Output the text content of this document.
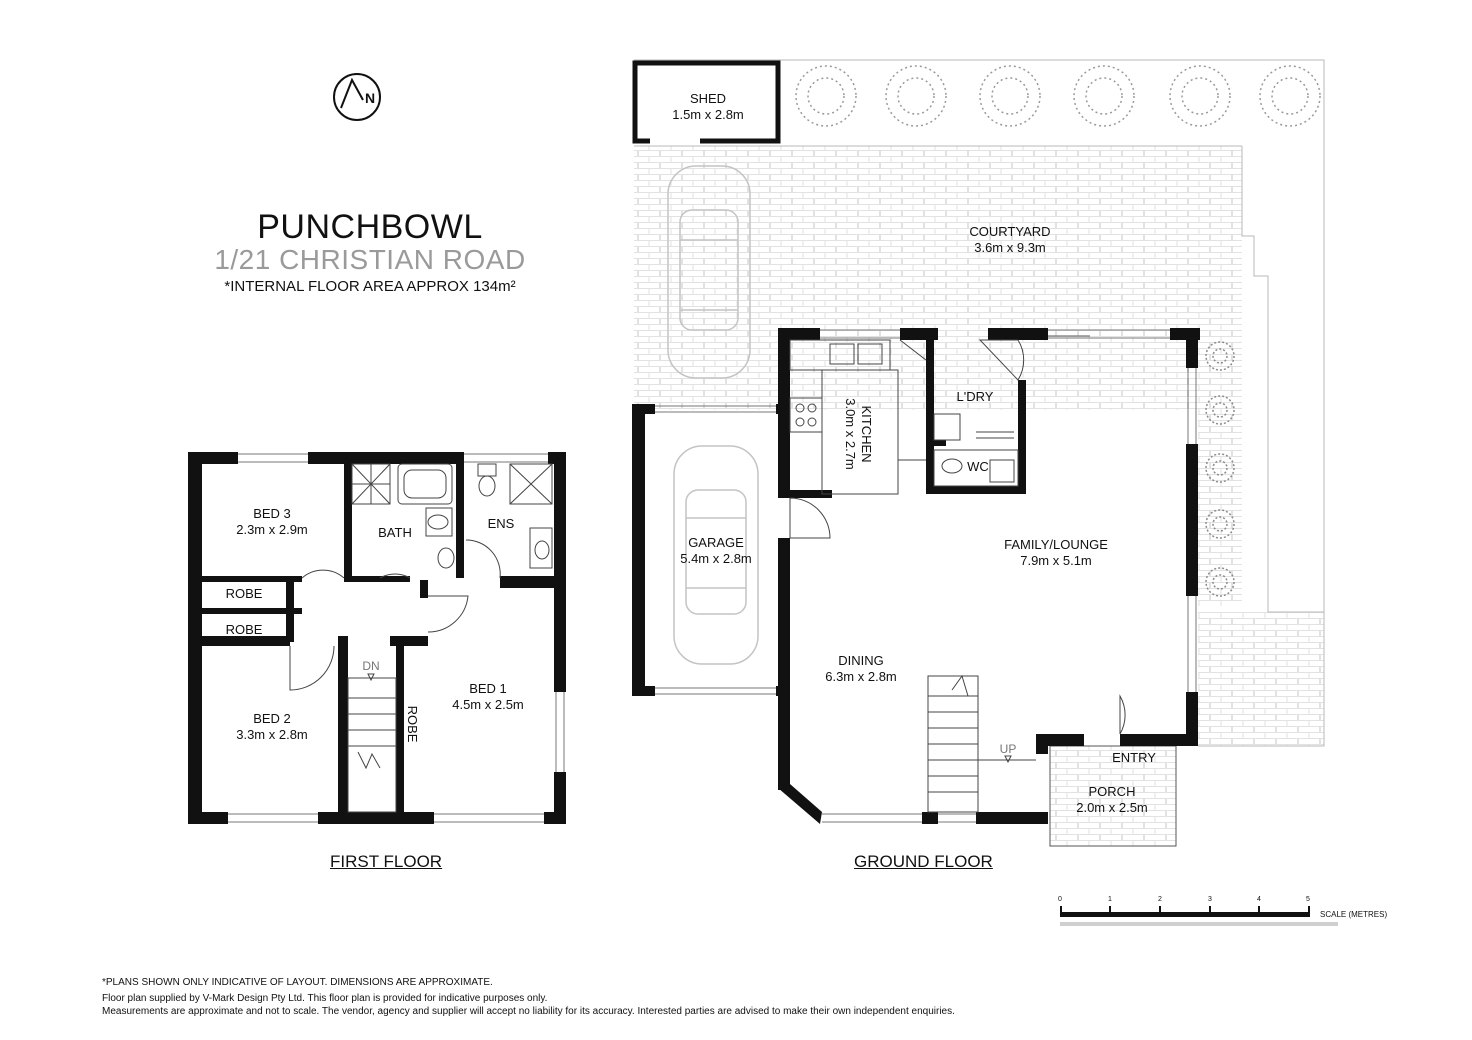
PUNCHBOWL
1/21 CHRISTIAN ROAD
*INTERNAL FLOOR AREA APPROX 134m²
SHED
1.5m x 2.8m
COURTYARD
3.6m x 9.3m
KITCHEN
3.0m x 2.7m
L'DRY
WC
GARAGE
5.4m x 2.8m
FAMILY/LOUNGE
7.9m x 5.1m
DINING
6.3m x 2.8m
ENTRY
PORCH
2.0m x 2.5m
UP
BED 3
2.3m x 2.9m	BATH
ENS
ROBE
ROBE
BED 2
3.3m x 2.8m	ROBE
BED 1
4.5m x 2.5m
DN
FIRST FLOOR	GROUND FLOOR
0	1	2	3	4	5
SCALE (METRES)
*PLANS SHOWN ONLY INDICATIVE OF LAYOUT. DIMENSIONS ARE APPROXIMATE.
Floor plan supplied by V-Mark Design Pty Ltd. This floor plan is provided for indicative purposes only.
Measurements are approximate and not to scale. The vendor, agency and supplier will accept no liability for its accuracy. Interested parties are advised to make their own independent enquiries.
N
